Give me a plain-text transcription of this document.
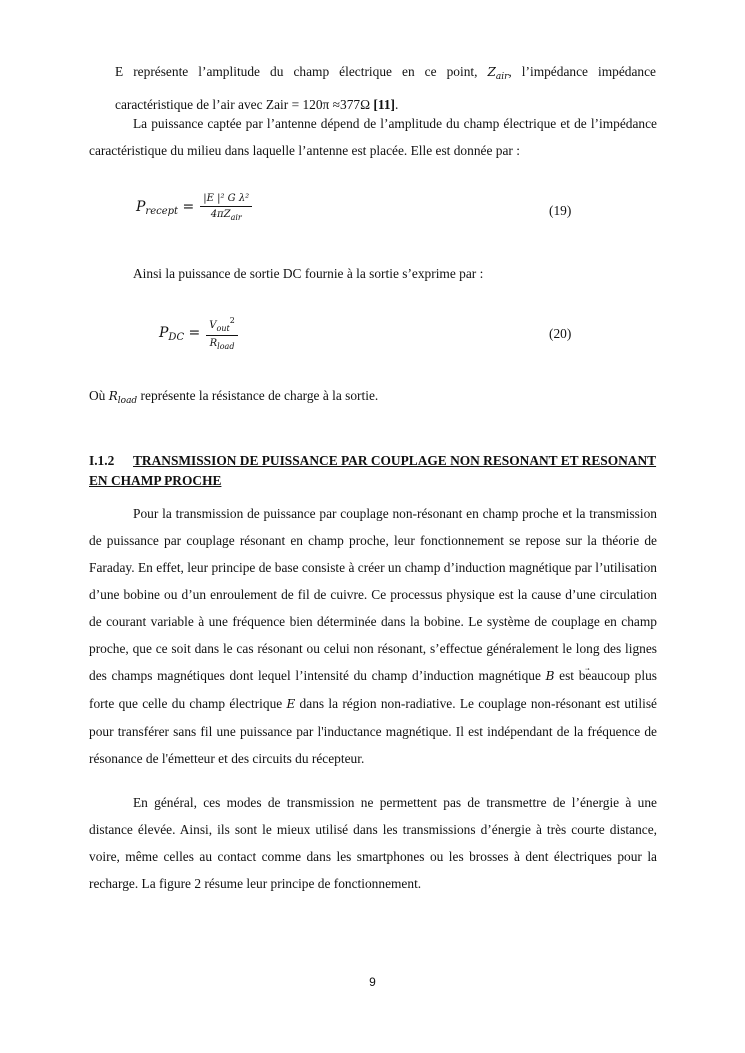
E représente l’amplitude du champ électrique en ce point, $Z_{air}$, l’impédance impédance

caractéristique de l’air avec Zair = 120π ≈377Ω [11].

La puissance captée par l’antenne dépend de l’amplitude du champ électrique et de l’impédance caractéristique du milieu dans laquelle l’antenne est placée. Elle est donnée par :

$P_{recept} = \frac{\text{|E |² G λ²}}{4\pi Z_{air}}$	(19)

Ainsi la puissance de sortie DC fournie à la sortie s’exprime par :

$P_{DC} = \frac{V_{out}^2}{R_{load}}$	(20)

Où $R_{load}$ représente la résistance de charge à la sortie.

I.1.2 TRANSMISSION DE PUISSANCE PAR COUPLAGE NON RESONANT ET RESONANT EN CHAMP PROCHE

Pour la transmission de puissance par couplage non-résonant en champ proche et la transmission de puissance par couplage résonant en champ proche, leur fonctionnement se repose sur la théorie de Faraday. En effet, leur principe de base consiste à créer un champ d’induction magnétique par l’utilisation d’une bobine ou d’un enroulement de fil de cuivre. Ce processus physique est la cause d’une circulation de courant variable à une fréquence bien déterminée dans la bobine. Le système de couplage en champ proche, que ce soit dans le cas résonant ou celui non résonant, s’effectue généralement le long des lignes des champs magnétiques dont lequel l’intensité du champ d’induction magnétique
B est beaucoup plus forte que celle du champ électrique E dans la région non-radiative. Le couplage non-résonant est utilisé pour transférer sans fil une puissance par l'inductance magnétique. Il est indépendant de la fréquence de résonance de l'émetteur et des circuits du récepteur.

En général, ces modes de transmission ne permettent pas de transmettre de l’énergie à une distance élevée. Ainsi, ils sont le mieux utilisé dans les transmissions d’énergie à très courte distance, voire, même celles au contact comme dans les smartphones ou les brosses à dent électriques pour la recharge. La figure 2 résume leur principe de fonctionnement.

9
